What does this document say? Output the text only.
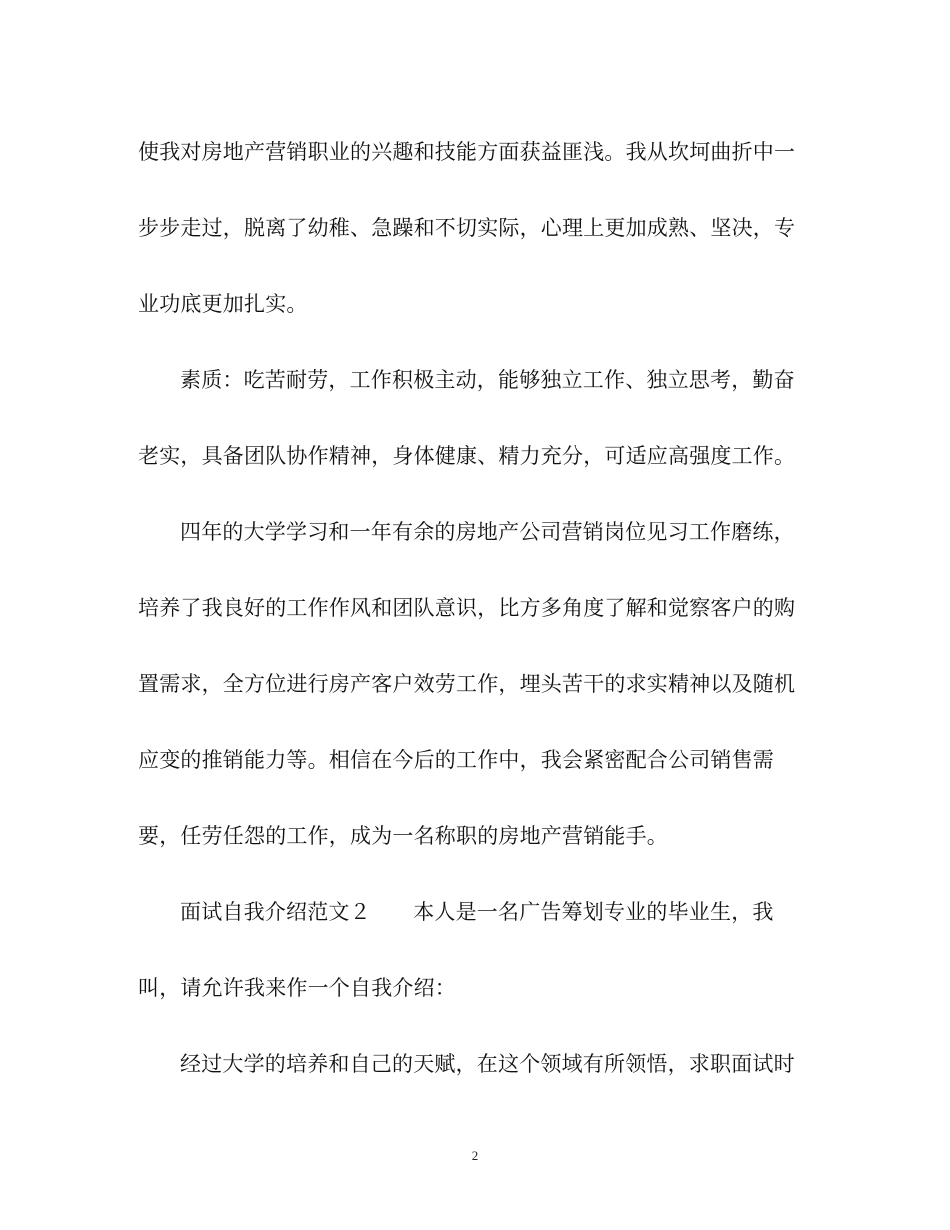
使我对房地产营销职业的兴趣和技能方面获益匪浅。我从坎坷曲折中一
步步走过，脱离了幼稚、急躁和不切实际，心理上更加成熟、坚决，专
业功底更加扎实。
素质：吃苦耐劳，工作积极主动，能够独立工作、独立思考，勤奋
老实，具备团队协作精神，身体健康、精力充分，可适应高强度工作。
四年的大学学习和一年有余的房地产公司营销岗位见习工作磨练，
培养了我良好的工作作风和团队意识，比方多角度了解和觉察客户的购
置需求，全方位进行房产客户效劳工作，埋头苦干的求实精神以及随机
应变的推销能力等。相信在今后的工作中，我会紧密配合公司销售需
要，任劳任怨的工作，成为一名称职的房地产营销能手。
面试自我介绍范文２　　本人是一名广告筹划专业的毕业生，我
叫，请允许我来作一个自我介绍：
经过大学的培养和自己的天赋，在这个领域有所领悟，求职面试时
2
